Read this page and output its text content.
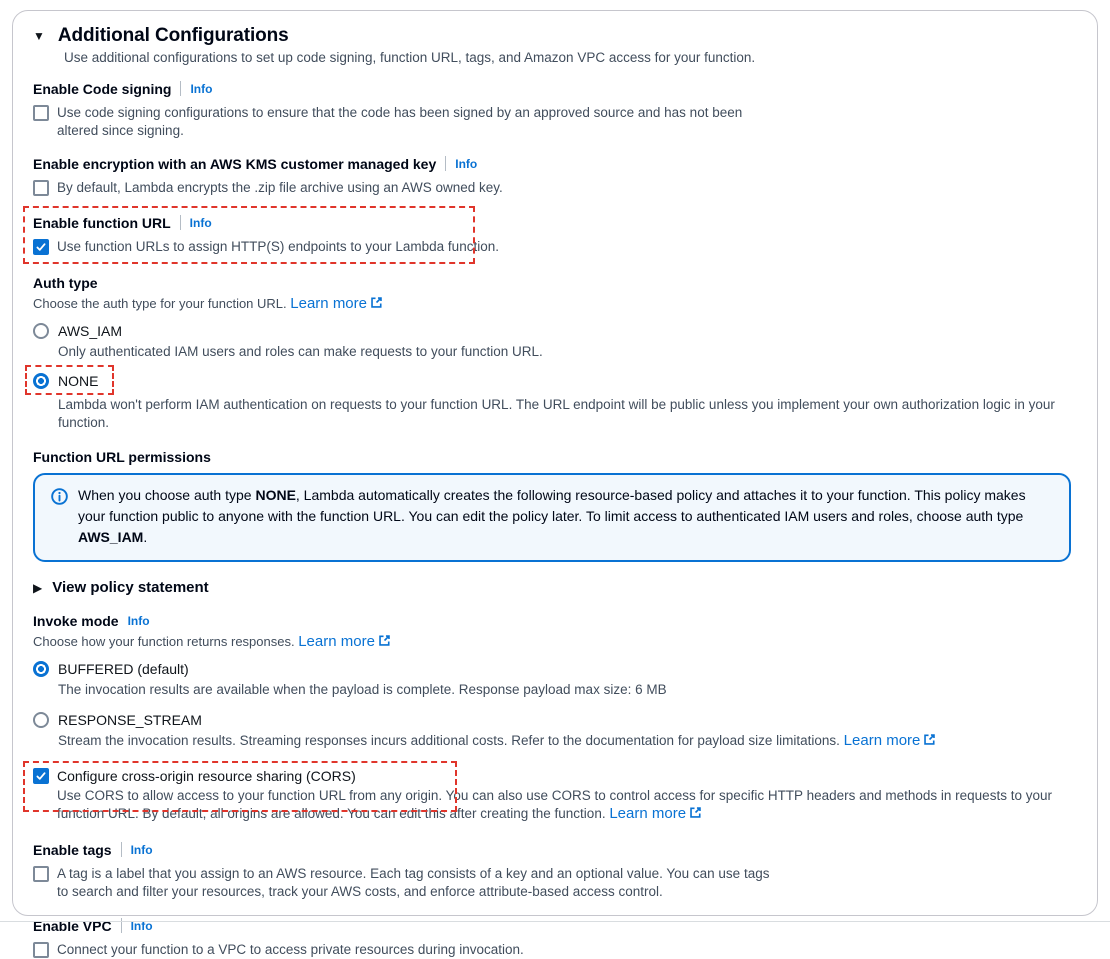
▼ Additional Configurations
Use additional configurations to set up code signing, function URL, tags, and Amazon VPC access for your function.
Enable Code signing Info
Use code signing configurations to ensure that the code has been signed by an approved source and has not been altered since signing.
Enable encryption with an AWS KMS customer managed key Info
By default, Lambda encrypts the .zip file archive using an AWS owned key.
Enable function URL Info
Use function URLs to assign HTTP(S) endpoints to your Lambda function.
Auth type
Choose the auth type for your function URL. Learn more
AWS_IAM
Only authenticated IAM users and roles can make requests to your function URL.
NONE
Lambda won't perform IAM authentication on requests to your function URL. The URL endpoint will be public unless you implement your own authorization logic in your function.
Function URL permissions
When you choose auth type NONE, Lambda automatically creates the following resource-based policy and attaches it to your function. This policy makes your function public to anyone with the function URL. You can edit the policy later. To limit access to authenticated IAM users and roles, choose auth type AWS_IAM.
▶ View policy statement
Invoke mode Info
Choose how your function returns responses. Learn more
BUFFERED (default)
The invocation results are available when the payload is complete. Response payload max size: 6 MB
RESPONSE_STREAM
Stream the invocation results. Streaming responses incurs additional costs. Refer to the documentation for payload size limitations. Learn more
Configure cross-origin resource sharing (CORS)
Use CORS to allow access to your function URL from any origin. You can also use CORS to control access for specific HTTP headers and methods in requests to your function URL. By default, all origins are allowed. You can edit this after creating the function. Learn more
Enable tags Info
A tag is a label that you assign to an AWS resource. Each tag consists of a key and an optional value. You can use tags to search and filter your resources, track your AWS costs, and enforce attribute-based access control.
Enable VPC Info
Connect your function to a VPC to access private resources during invocation.
